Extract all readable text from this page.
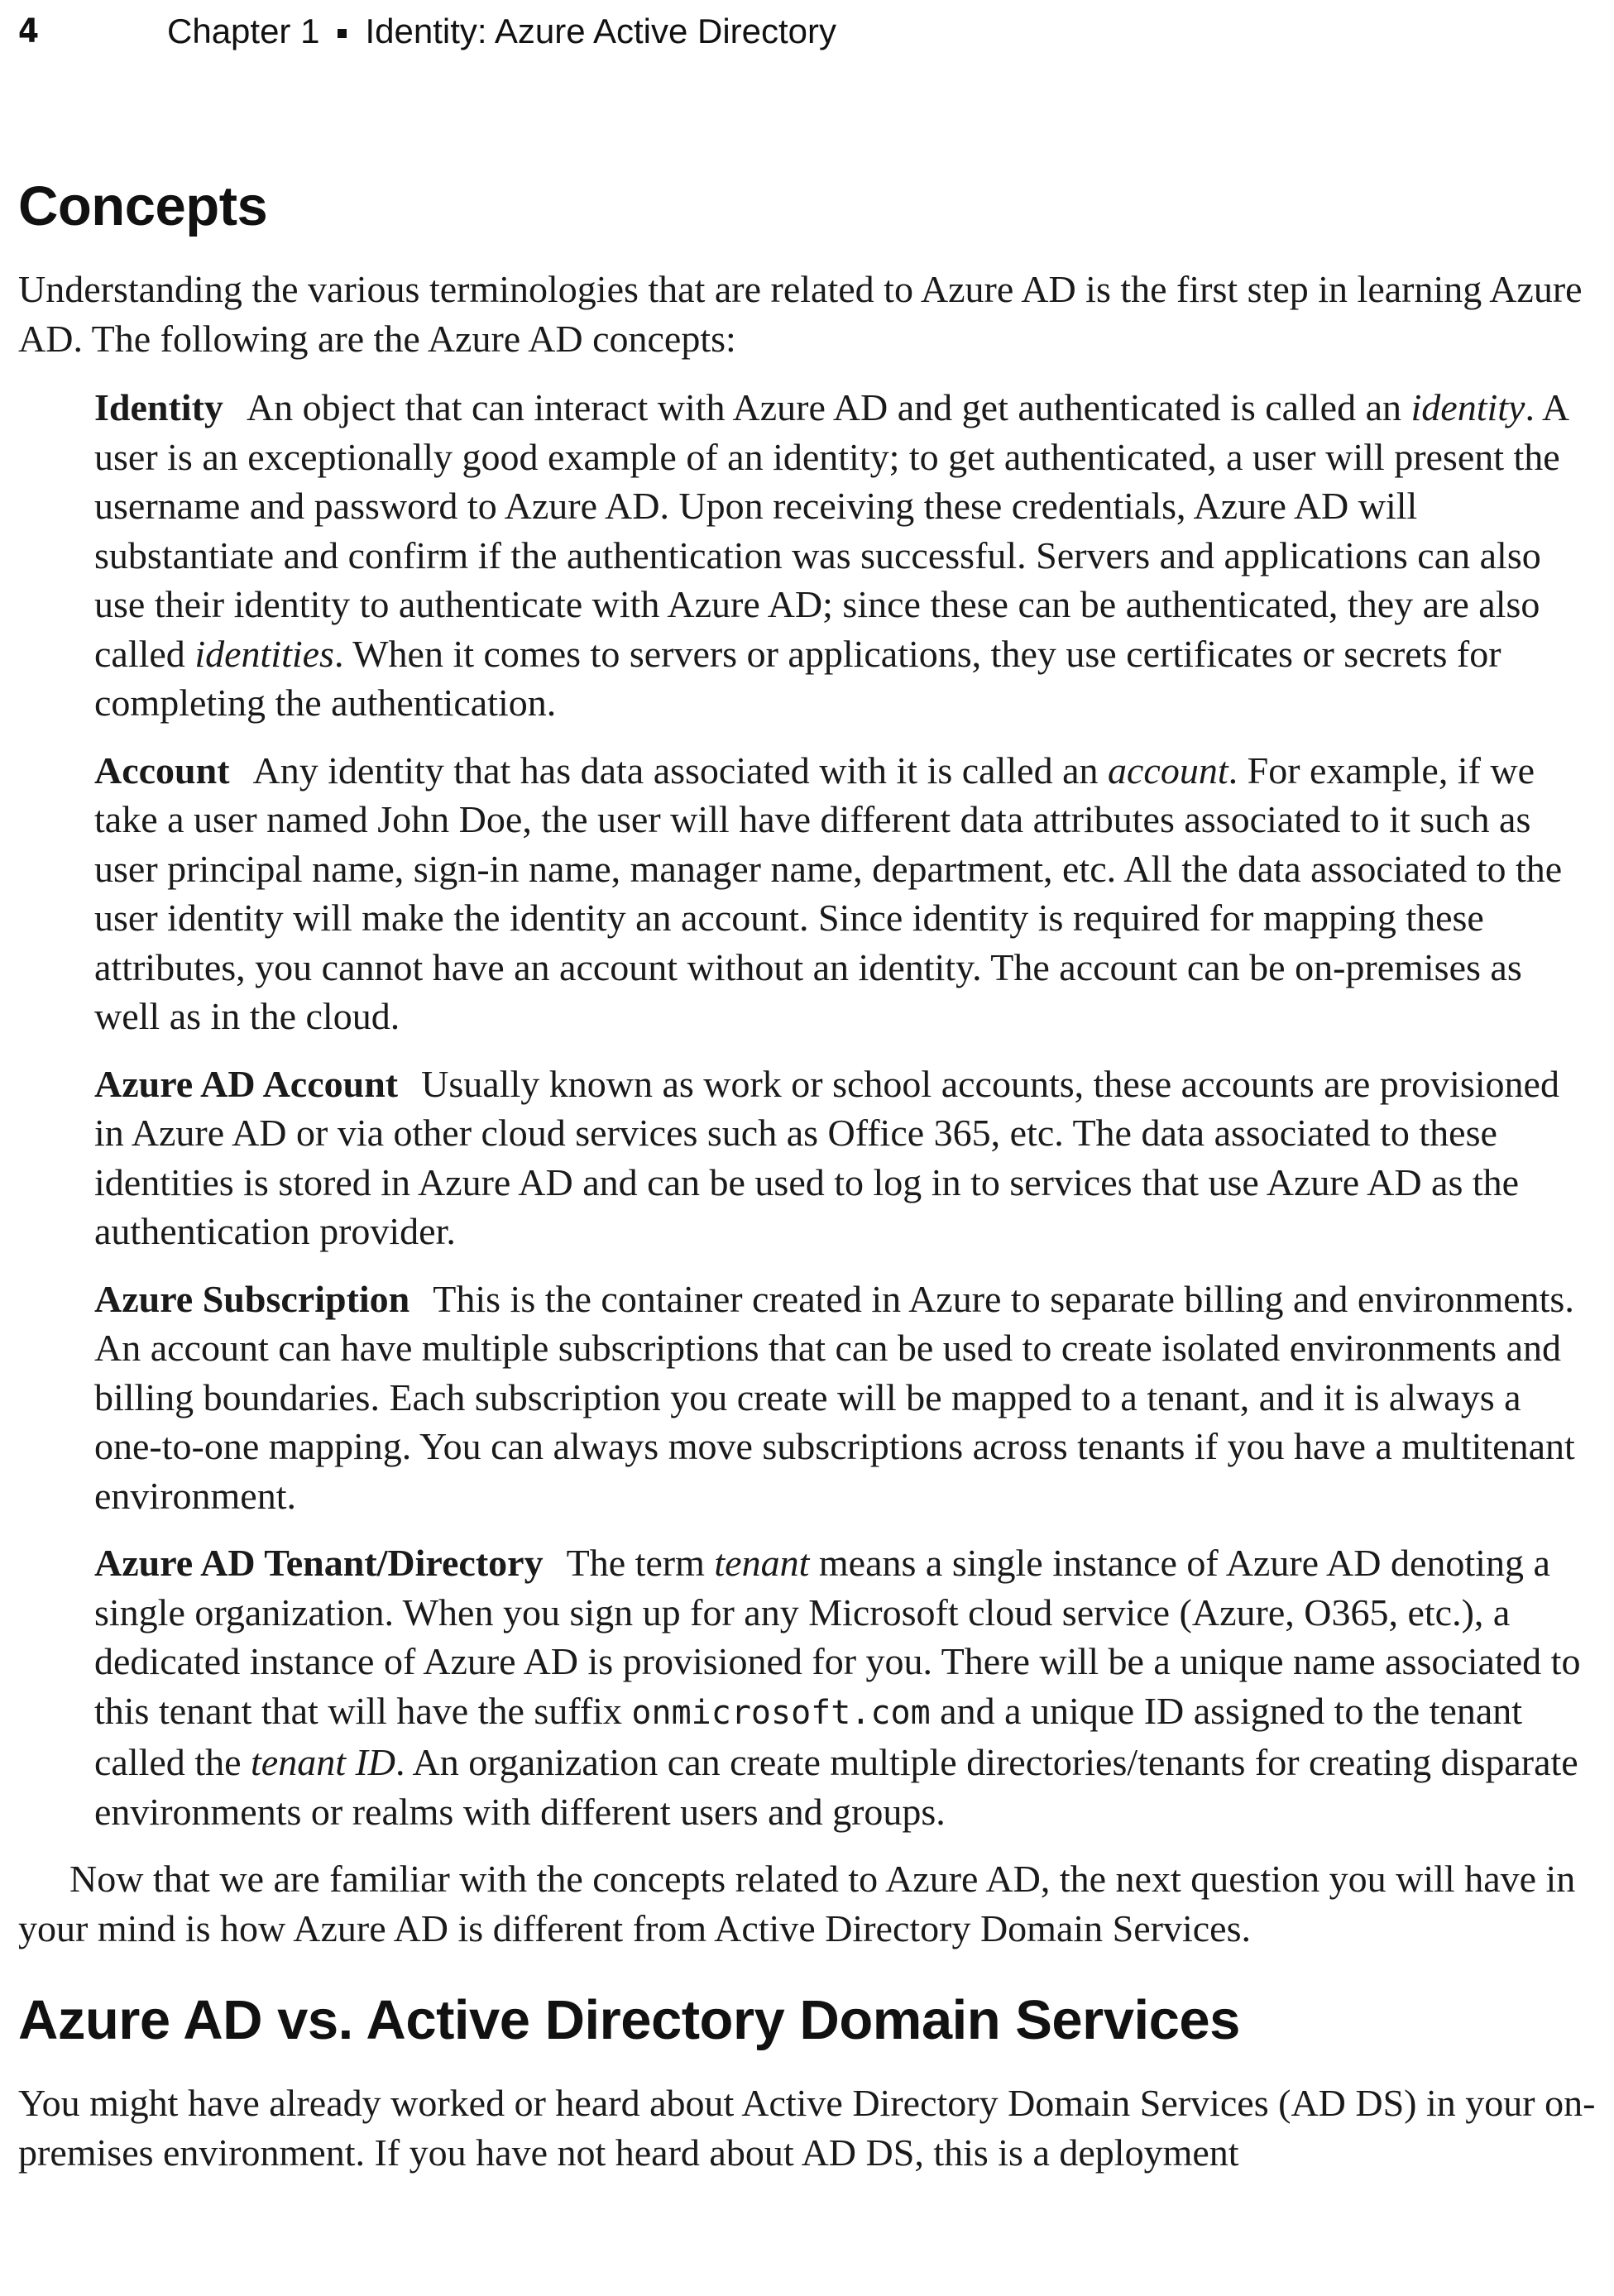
4	Chapter 1 Identity: Azure Active Directory
Concepts

Understanding the various terminologies that are related to Azure AD is the first step in learning Azure AD. The following are the Azure AD concepts:

Identity An object that can interact with Azure AD and get authenticated is called an identity. A user is an exceptionally good example of an identity; to get authenticated, a user will present the username and password to Azure AD. Upon receiving these credentials, Azure AD will substantiate and confirm if the authentication was successful. Servers and applications can also use their identity to authenticate with Azure AD; since these can be authenticated, they are also called identities. When it comes to servers or applications, they use certificates or secrets for completing the authentication.
Account Any identity that has data associated with it is called an account. For example, if we take a user named John Doe, the user will have different data attributes associated to it such as user principal name, sign-in name, manager name, department, etc. All the data associated to the user identity will make the identity an account. Since identity is required for mapping these attributes, you cannot have an account without an identity. The account can be on-premises as well as in the cloud.
Azure AD Account Usually known as work or school accounts, these accounts are provisioned in Azure AD or via other cloud services such as Office 365, etc. The data associated to these identities is stored in Azure AD and can be used to log in to services that use Azure AD as the authentication provider.
Azure Subscription This is the container created in Azure to separate billing and environments. An account can have multiple subscriptions that can be used to create isolated environments and billing boundaries. Each subscription you create will be mapped to a tenant, and it is always a one-to-one mapping. You can always move subscriptions across tenants if you have a multitenant environment.
Azure AD Tenant/Directory The term tenant means a single instance of Azure AD denoting a single organization. When you sign up for any Microsoft cloud service (Azure, O365, etc.), a dedicated instance of Azure AD is provisioned for you. There will be a unique name associated to this tenant that will have the suffix onmicrosoft.com and a unique ID assigned to the tenant called the tenant ID. An organization can create multiple directories/tenants for creating disparate environments or realms with different users and groups.

Now that we are familiar with the concepts related to Azure AD, the next question you will have in your mind is how Azure AD is different from Active Directory Domain Services.

Azure AD vs. Active Directory Domain Services

You might have already worked or heard about Active Directory Domain Services (AD DS) in your on-premises environment. If you have not heard about AD DS, this is a deployment
